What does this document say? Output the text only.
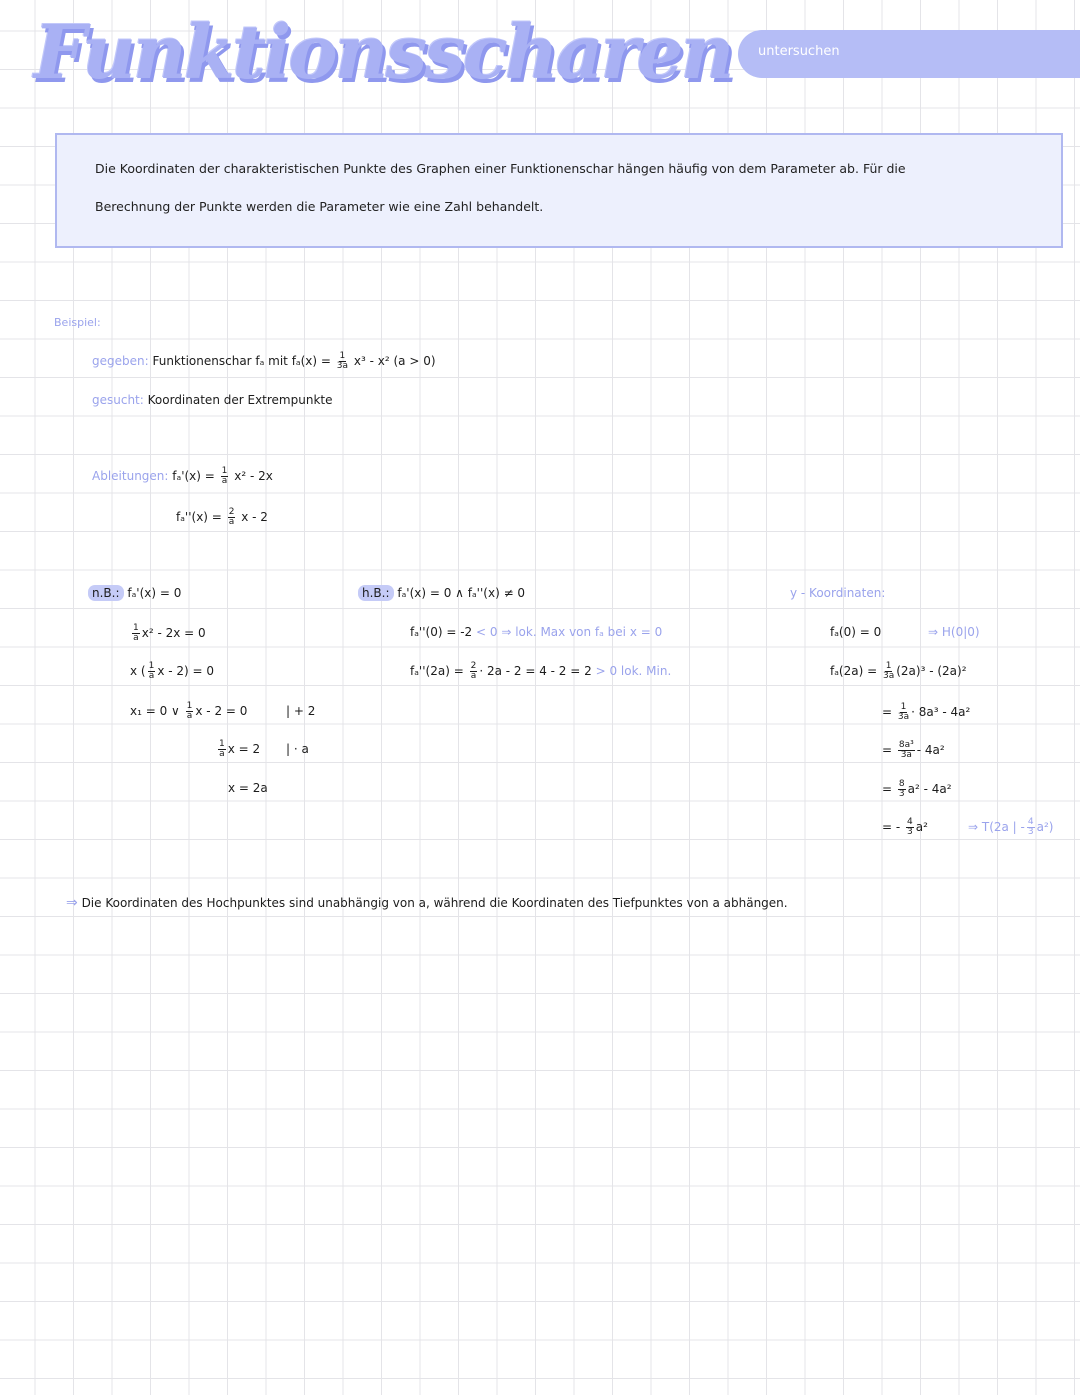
Funktionsscharen untersuchen
Die Koordinaten der charakteristischen Punkte des Graphen einer Funktionenschar hängen häufig von dem Parameter ab. Für die
Berechnung der Punkte werden die Parameter wie eine Zahl behandelt.
Beispiel:
gegeben: Funktionenschar fₐ mit $f_a(x) = \frac{1}{3a} x^3 - x^2$ (a > 0)
gesucht: Koordinaten der Extrempunkte
Ableitungen: $f_a'(x) = \frac{1}{a} x^2 - 2x$
$f_a''(x) = \frac{2}{a}$ x - 2
n.B.: fₐ'(x) = 0
$\frac{1}{a} x^2 - 2x = 0$
x ( $\frac{1}{a}$ x - 2) = 0
x₁ = 0 ∨ $\frac{1}{a}$ x - 2 = 0	| + 2
$\frac{1}{a}$ x = 2 | · a
x = 2a
h.B.: fₐ'(x) = 0 ∧ fₐ''(x) ≠ 0
fₐ''(0) = -2 < 0 ⇒ lok. Max von fₐ bei x = 0
$f_a''(2a) = \frac{2}{a} \cdot 2a - 2 = 4 - 2 = 2 > 0$ lok. Min.
y - Koordinaten:
fₐ(0) = 0	⇒ H(0|0)
$f_a(2a) = \frac{1}{3a} (2a)^3 - (2a)^2$
= $\frac{1}{3a} \cdot 8a^3 - 4a^2$
= $\frac{\text{8a³}}{3a} - 4a^2$
= $\frac{8}{3} a^2 - 4a^2$
= - $\frac{4}{3} a^2$	⇒ T(2a | - $\frac{4}{3} a^2$)
⇒ Die Koordinaten des Hochpunktes sind unabhängig von a, während die Koordinaten des Tiefpunktes von a abhängen.
